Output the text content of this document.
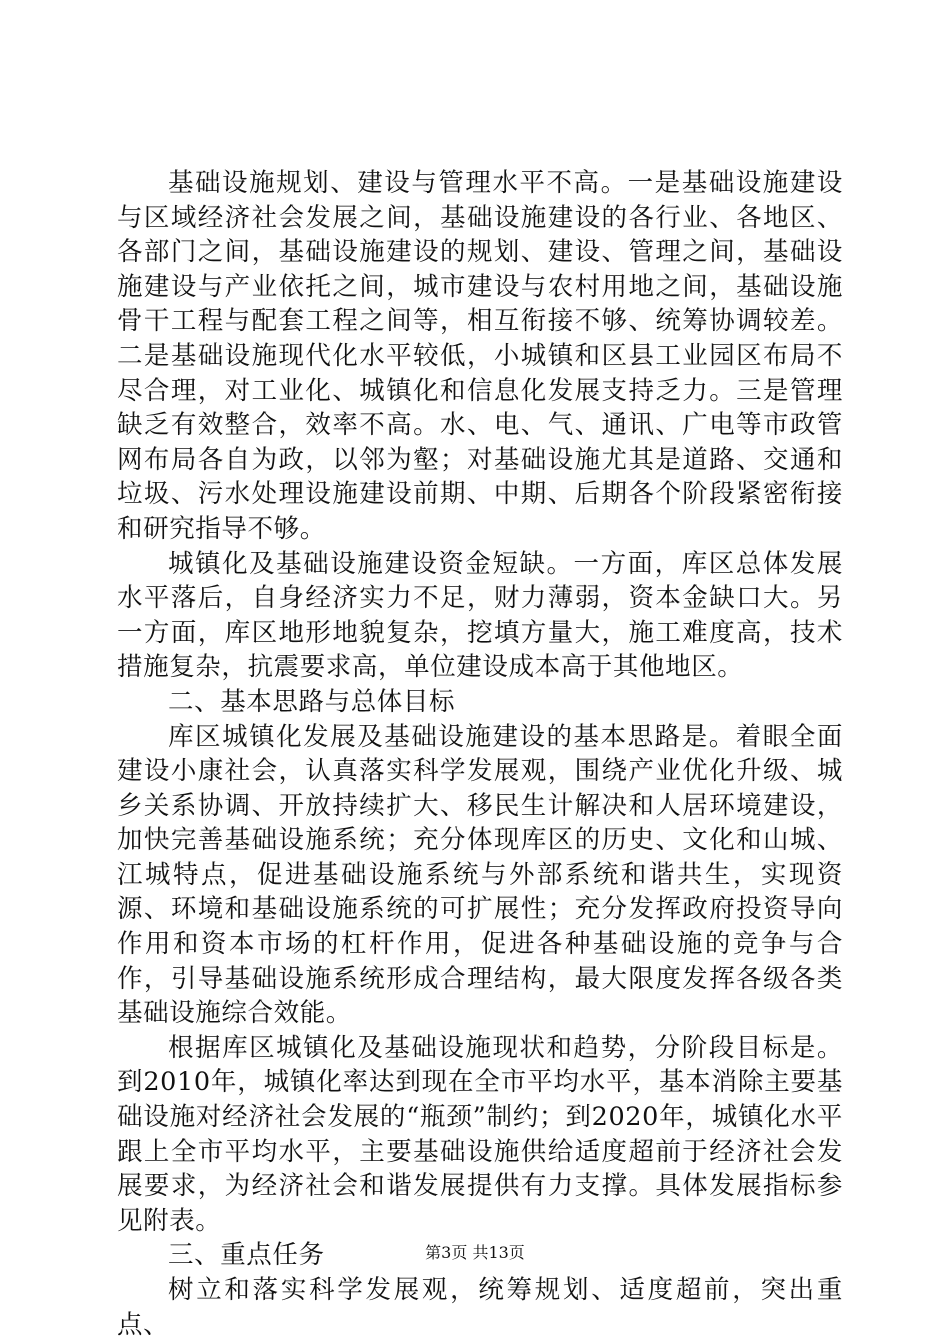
基础设施规划、建设与管理水平不高。一是基础设施建设与区域经济社会发展之间，基础设施建设的各行业、各地区、各部门之间，基础设施建设的规划、建设、管理之间，基础设施建设与产业依托之间，城市建设与农村用地之间，基础设施骨干工程与配套工程之间等，相互衔接不够、统筹协调较差。二是基础设施现代化水平较低，小城镇和区县工业园区布局不尽合理，对工业化、城镇化和信息化发展支持乏力。三是管理缺乏有效整合，效率不高。水、电、气、通讯、广电等市政管网布局各自为政，以邻为壑；对基础设施尤其是道路、交通和垃圾、污水处理设施建设前期、中期、后期各个阶段紧密衔接和研究指导不够。

城镇化及基础设施建设资金短缺。一方面，库区总体发展水平落后，自身经济实力不足，财力薄弱，资本金缺口大。另一方面，库区地形地貌复杂，挖填方量大，施工难度高，技术措施复杂，抗震要求高，单位建设成本高于其他地区。

二、基本思路与总体目标

库区城镇化发展及基础设施建设的基本思路是。着眼全面建设小康社会，认真落实科学发展观，围绕产业优化升级、城乡关系协调、开放持续扩大、移民生计解决和人居环境建设，加快完善基础设施系统；充分体现库区的历史、文化和山城、江城特点，促进基础设施系统与外部系统和谐共生，实现资源、环境和基础设施系统的可扩展性；充分发挥政府投资导向作用和资本市场的杠杆作用，促进各种基础设施的竞争与合作，引导基础设施系统形成合理结构，最大限度发挥各级各类基础设施综合效能。

根据库区城镇化及基础设施现状和趋势，分阶段目标是。到2010年，城镇化率达到现在全市平均水平，基本消除主要基础设施对经济社会发展的“瓶颈”制约；到2020年，城镇化水平跟上全市平均水平，主要基础设施供给适度超前于经济社会发展要求，为经济社会和谐发展提供有力支撑。具体发展指标参见附表。

三、重点任务

树立和落实科学发展观，统筹规划、适度超前，突出重点、

第3页 共13页
